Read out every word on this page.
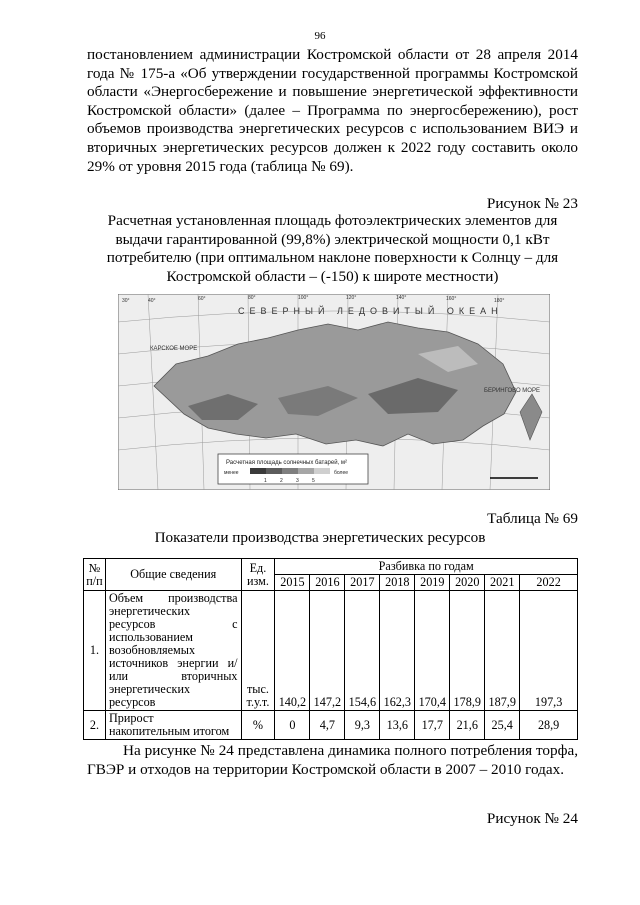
96

постановлением администрации Костромской области от 28 апреля 2014 года № 175-а «Об утверждении государственной программы Костромской области «Энергосбережение и повышение энергетической эффективности Костромской области» (далее – Программа по энергосбережению), рост объемов производства энергетических ресурсов с использованием ВИЭ и вторичных энергетических ресурсов должен к 2022 году составить около 29% от уровня 2015 года (таблица № 69).

Рисунок № 23

Расчетная установленная площадь фотоэлектрических элементов для выдачи гарантированной (99,8%) электрической мощности 0,1 кВт потребителю (при оптимальном наклоне поверхности к Солнцу – для Костромской области – (-150) к широте местности)

СЕВЕРНЫЙ ЛЕДОВИТЫЙ ОКЕАН
КАРСКОЕ МОРЕ
БЕРИНГОВО МОРЕ
Расчетная площадь солнечных батарей, м²
менее	более
1	2	3	5
30°	40°	60°	80°	100°	120°	140°	160°	180°
Таблица № 69
Показатели производства энергетических ресурсов
№ п/п	Общие сведения	Ед. изм.	Разбивка по годам							
			2015	2016	2017	2018	2019	2020	2021	2022
1.	Объем производства энергетических ресурсов с использованием возобновляемых источников энергии и/или вторичных энергетических ресурсов	тыс. т.у.т.	140,2	147,2	154,6	162,3	170,4	178,9	187,9	197,3
2.	Прирост накопительным итогом	%	0	4,7	9,3	13,6	17,7	21,6	25,4	28,9

На рисунке № 24 представлена динамика полного потребления торфа, ГВЭР и отходов на территории Костромской области в 2007 – 2010 годах.

Рисунок № 24
